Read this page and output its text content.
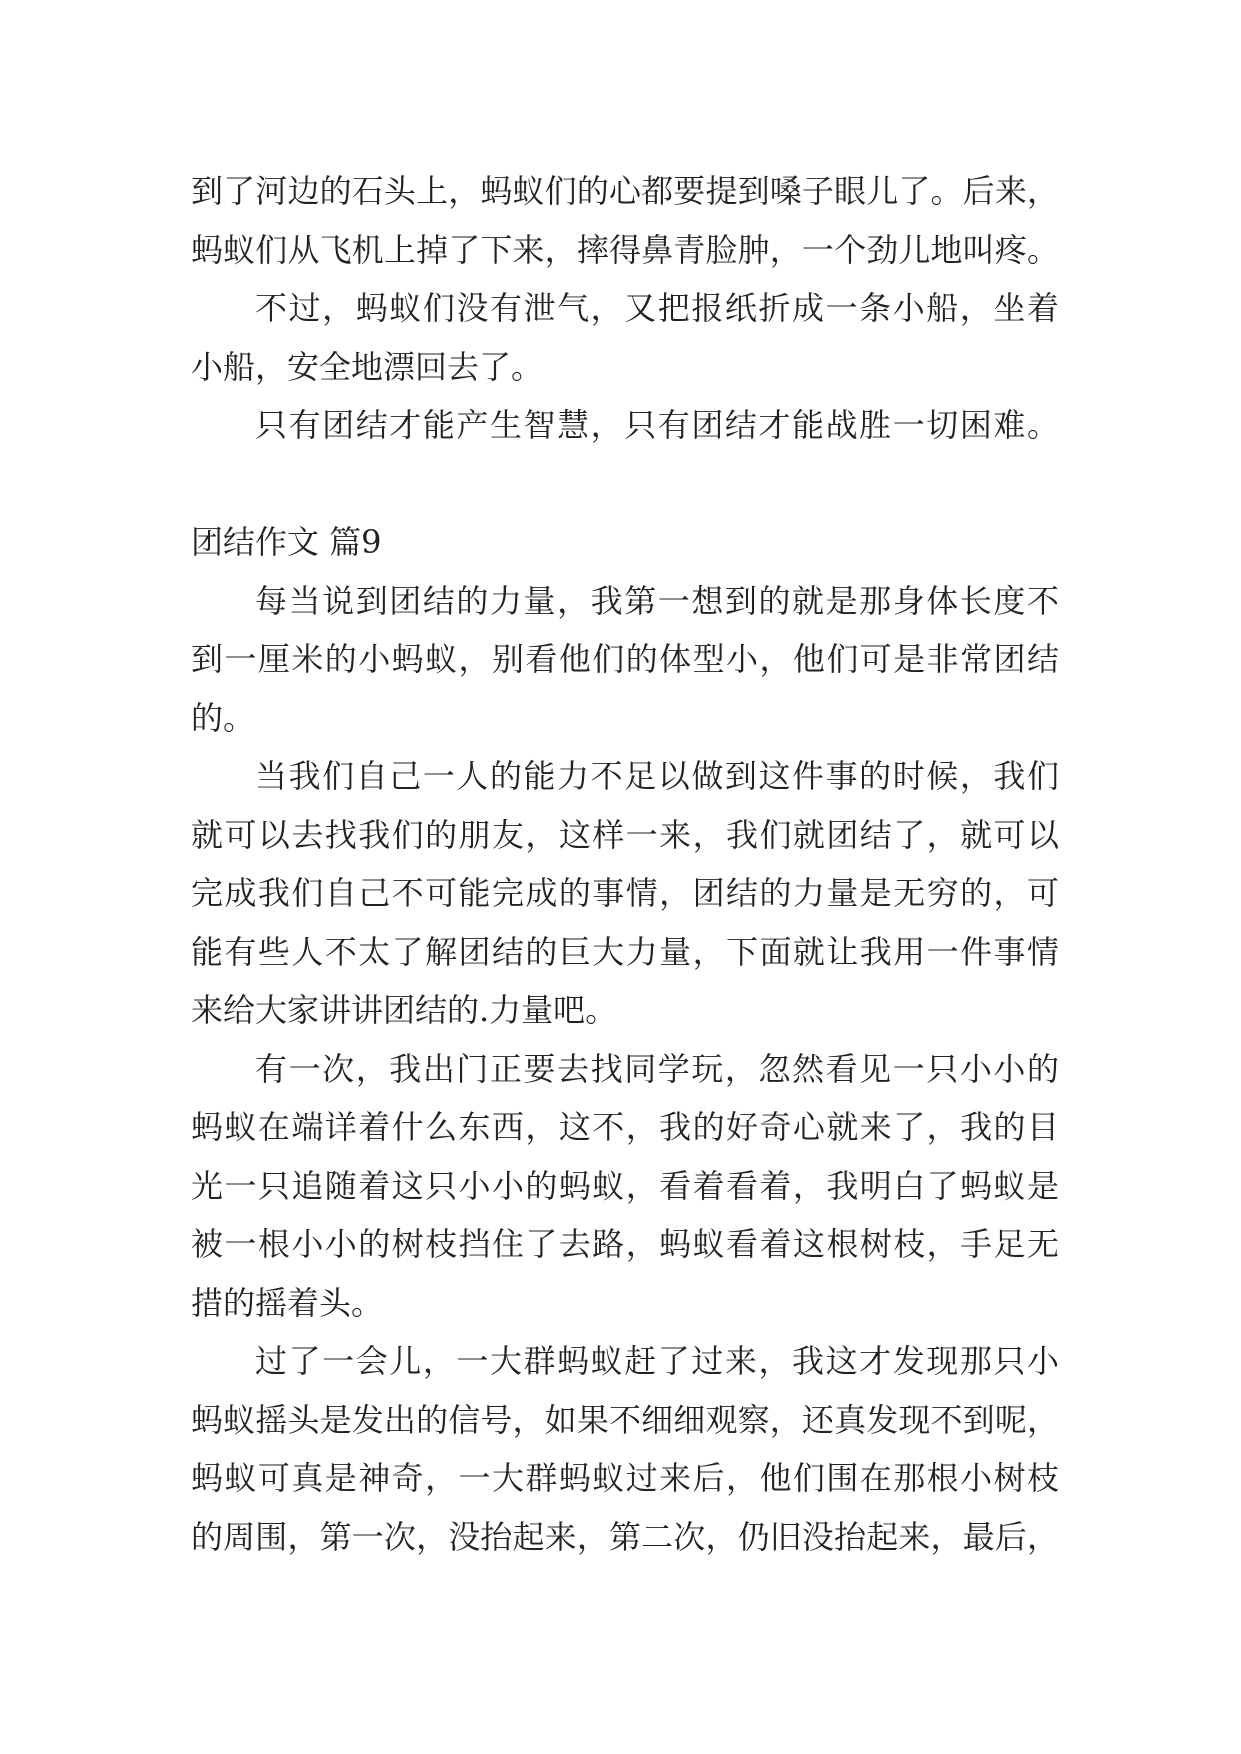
到了河边的石头上，蚂蚁们的心都要提到嗓子眼儿了。后来，
蚂蚁们从飞机上掉了下来，摔得鼻青脸肿，一个劲儿地叫疼。
不过，蚂蚁们没有泄气，又把报纸折成一条小船，坐着
小船，安全地漂回去了。
只有团结才能产生智慧，只有团结才能战胜一切困难。
团结作文 篇9
每当说到团结的力量，我第一想到的就是那身体长度不
到一厘米的小蚂蚁，别看他们的体型小，他们可是非常团结
的。
当我们自己一人的能力不足以做到这件事的时候，我们
就可以去找我们的朋友，这样一来，我们就团结了，就可以
完成我们自己不可能完成的事情，团结的力量是无穷的，可
能有些人不太了解团结的巨大力量，下面就让我用一件事情
来给大家讲讲团结的.力量吧。
有一次，我出门正要去找同学玩，忽然看见一只小小的
蚂蚁在端详着什么东西，这不，我的好奇心就来了，我的目
光一只追随着这只小小的蚂蚁，看着看着，我明白了蚂蚁是
被一根小小的树枝挡住了去路，蚂蚁看着这根树枝，手足无
措的摇着头。
过了一会儿，一大群蚂蚁赶了过来，我这才发现那只小
蚂蚁摇头是发出的信号，如果不细细观察，还真发现不到呢，
蚂蚁可真是神奇，一大群蚂蚁过来后，他们围在那根小树枝
的周围，第一次，没抬起来，第二次，仍旧没抬起来，最后，
